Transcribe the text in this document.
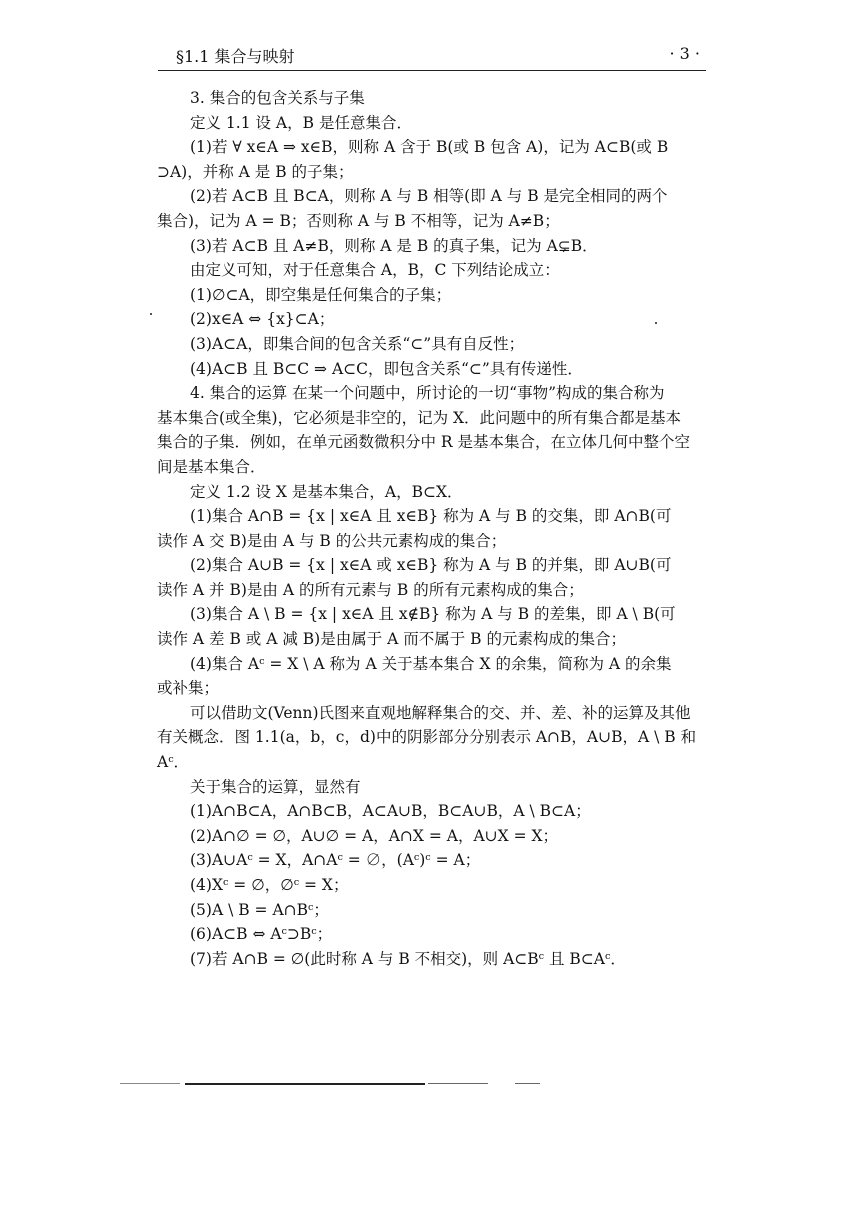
§1.1 集合与映射	· 3 ·

3. 集合的包含关系与子集

定义 1.1 设 A，B 是任意集合．

(1)若 ∀ x∈A ⇒ x∈B，则称 A 含于 B(或 B 包含 A)，记为 A⊂B(或 B

⊃A)，并称 A 是 B 的子集；

(2)若 A⊂B 且 B⊂A，则称 A 与 B 相等(即 A 与 B 是完全相同的两个

集合)，记为 A = B；否则称 A 与 B 不相等，记为 A≠B；

(3)若 A⊂B 且 A≠B，则称 A 是 B 的真子集，记为 A⊊B．

由定义可知，对于任意集合 A，B，C 下列结论成立：

(1)∅⊂A，即空集是任何集合的子集；

(2)x∈A ⇔ {x}⊂A；

(3)A⊂A，即集合间的包含关系“⊂”具有自反性；

(4)A⊂B 且 B⊂C ⇒ A⊂C，即包含关系“⊂”具有传递性．

4. 集合的运算 在某一个问题中，所讨论的一切“事物”构成的集合称为

基本集合(或全集)，它必须是非空的，记为 X．此问题中的所有集合都是基本

集合的子集．例如，在单元函数微积分中 R 是基本集合，在立体几何中整个空

间是基本集合．

定义 1.2 设 X 是基本集合，A，B⊂X．

(1)集合 A∩B = {x | x∈A 且 x∈B} 称为 A 与 B 的交集，即 A∩B(可

读作 A 交 B)是由 A 与 B 的公共元素构成的集合；

(2)集合 A∪B = {x | x∈A 或 x∈B} 称为 A 与 B 的并集，即 A∪B(可

读作 A 并 B)是由 A 的所有元素与 B 的所有元素构成的集合；

(3)集合 A \ B = {x | x∈A 且 x∉B} 称为 A 与 B 的差集，即 A \ B(可

读作 A 差 B 或 A 减 B)是由属于 A 而不属于 B 的元素构成的集合；

(4)集合 Aᶜ = X \ A 称为 A 关于基本集合 X 的余集，简称为 A 的余集

或补集；

可以借助文(Venn)氏图来直观地解释集合的交、并、差、补的运算及其他

有关概念．图 1.1(a，b，c，d)中的阴影部分分别表示 A∩B，A∪B，A \ B 和

Aᶜ．

关于集合的运算，显然有

(1)A∩B⊂A，A∩B⊂B，A⊂A∪B，B⊂A∪B，A \ B⊂A；

(2)A∩∅ = ∅，A∪∅ = A，A∩X = A，A∪X = X；

(3)A∪Aᶜ = X，A∩Aᶜ = ∅，(Aᶜ)ᶜ = A；

(4)Xᶜ = ∅，∅ᶜ = X；

(5)A \ B = A∩Bᶜ；

(6)A⊂B ⇔ Aᶜ⊃Bᶜ；

(7)若 A∩B = ∅(此时称 A 与 B 不相交)，则 A⊂Bᶜ 且 B⊂Aᶜ．
